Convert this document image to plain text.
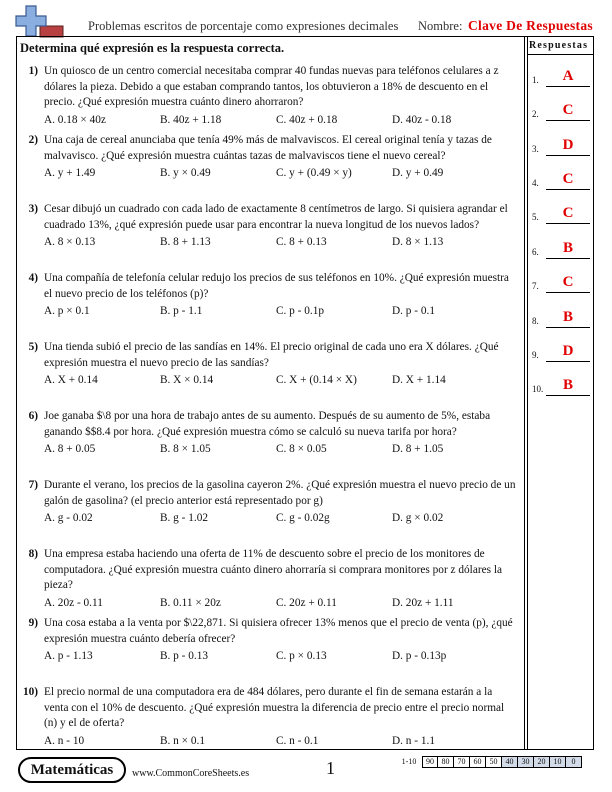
Problemas escritos de porcentaje como expresiones decimales Nombre: Clave De Respuestas
Determina qué expresión es la respuesta correcta.	Respuestas
1) Un quiosco de un centro comercial necesitaba comprar 40 fundas nuevas para teléfonos celulares a z dólares la pieza. Debido a que estaban comprando tantos, los obtuvieron a 18% de descuento en el precio. ¿Qué expresión muestra cuánto dinero ahorraron?
A. 0.18 × 40z	B. 40z + 1.18	C. 40z + 0.18	D. 40z - 0.18
2) Una caja de cereal anunciaba que tenía 49% más de malvaviscos. El cereal original tenía y tazas de malvavisco. ¿Qué expresión muestra cuántas tazas de malvaviscos tiene el nuevo cereal?
A. y + 1.49	B. y × 0.49	C. y + (0.49 × y)	D. y + 0.49
3) Cesar dibujó un cuadrado con cada lado de exactamente 8 centímetros de largo. Si quisiera agrandar el cuadrado 13%, ¿qué expresión puede usar para encontrar la nueva longitud de los nuevos lados?
A. 8 × 0.13	B. 8 + 1.13	C. 8 + 0.13	D. 8 × 1.13
4) Una compañía de telefonía celular redujo los precios de sus teléfonos en 10%. ¿Qué expresión muestra el nuevo precio de los teléfonos (p)?
A. p × 0.1	B. p - 1.1	C. p - 0.1p	D. p - 0.1
5) Una tienda subió el precio de las sandías en 14%. El precio original de cada uno era X dólares. ¿Qué expresión muestra el nuevo precio de las sandías?
A. X + 0.14	B. X × 0.14	C. X + (0.14 × X)	D. X + 1.14
6) Joe ganaba $\8 por una hora de trabajo antes de su aumento. Después de su aumento de 5%, estaba ganando $$8.4 por hora. ¿Qué expresión muestra cómo se calculó su nueva tarifa por hora?
A. 8 + 0.05	B. 8 × 1.05	C. 8 × 0.05	D. 8 + 1.05
7) Durante el verano, los precios de la gasolina cayeron 2%. ¿Qué expresión muestra el nuevo precio de un galón de gasolina? (el precio anterior está representado por g)
A. g - 0.02	B. g - 1.02	C. g - 0.02g	D. g × 0.02
8) Una empresa estaba haciendo una oferta de 11% de descuento sobre el precio de los monitores de computadora. ¿Qué expresión muestra cuánto dinero ahorraría si comprara monitores por z dólares la pieza?
A. 20z - 0.11	B. 0.11 × 20z	C. 20z + 0.11	D. 20z + 1.11
9) Una cosa estaba a la venta por $\22,871. Si quisiera ofrecer 13% menos que el precio de venta (p), ¿qué expresión muestra cuánto debería ofrecer?
A. p - 1.13	B. p - 0.13	C. p × 0.13	D. p - 0.13p
10) El precio normal de una computadora era de 484 dólares, pero durante el fin de semana estarán a la venta con el 10% de descuento. ¿Qué expresión muestra la diferencia de precio entre el precio normal (n) y el de oferta?
A. n - 10	B. n × 0.1	C. n - 0.1	D. n - 1.1
1.	A
2.	C
3.	D
4.	C
5.	C
6.	B
7.	C
8.	B
9.	D
10.	B
Matemáticas	www.CommonCoreSheets.es	1	1-10	90 80	70	60	50	40	30	20	10	0
